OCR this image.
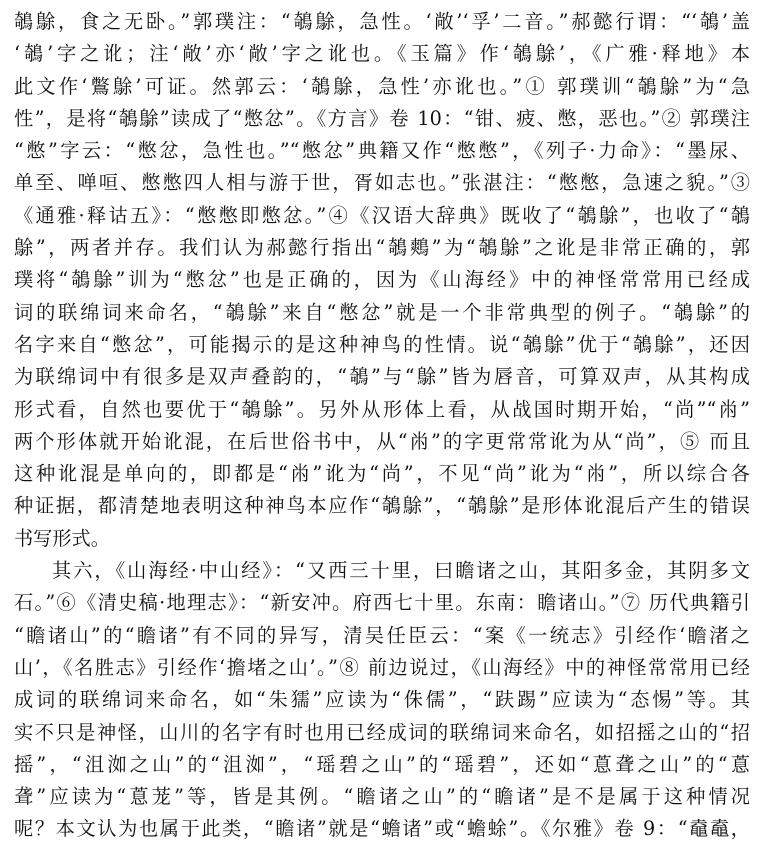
鵸鵌，食之无卧。”郭璞注：“鵸鵌，急性。‘敞’‘孚’二音。”郝懿行谓：“‘鵸’盖
‘鵸’字之讹；注‘敞’亦‘敞’字之讹也。《玉篇》作‘鵸鵌’，《广雅·释地》本
此文作‘鷩鵌’可证。然郭云：‘鵸鵌，急性’亦讹也。”① 郭璞训“鵸鵌”为“急
性”，是将“鵸鵌”读成了“憋忿”。《方言》卷 10：“钳、疲、憋，恶也。”② 郭璞注
“憋”字云：“憋忿，急性也。”“憋忿”典籍又作“憋憋”，《列子·力命》：“墨尿、
单至、啴咺、憋憋四人相与游于世，胥如志也。”张湛注：“憋憋，急速之貌。”③
《通雅·释诂五》：“憋憋即憋忿。”④《汉语大辞典》既收了“鵸鵌”，也收了“鵸
鵌”，两者并存。我们认为郝懿行指出“鵸鷞”为“鵸鵌”之讹是非常正确的，郭
璞将“鵸鵌”训为“憋忿”也是正确的，因为《山海经》中的神怪常常用已经成
词的联绵词来命名，“鵸鵌”来自“憋忿”就是一个非常典型的例子。“鵸鵌”的
名字来自“憋忿”，可能揭示的是这种神鸟的性情。说“鵸鵌”优于“鵸鵌”，还因
为联绵词中有很多是双声叠韵的，“鵸”与“鵌”皆为唇音，可算双声，从其构成
形式看，自然也要优于“鵸鵌”。另外从形体上看，从战国时期开始，“尚”“㡀”
两个形体就开始讹混，在后世俗书中，从“㡀”的字更常常讹为从“尚”，⑤ 而且
这种讹混是单向的，即都是“㡀”讹为“尚”，不见“尚”讹为“㡀”，所以综合各
种证据，都清楚地表明这种神鸟本应作“鵸鵌”，“鵸鵌”是形体讹混后产生的错误
书写形式。
其六，《山海经·中山经》：“又西三十里，曰瞻诸之山，其阳多金，其阴多文
石。”⑥《清史稿·地理志》：“新安冲。府西七十里。东南：瞻诸山。”⑦ 历代典籍引
“瞻诸山”的“瞻诸”有不同的异写，清吴任臣云：“案《一统志》引经作‘瞻渚之
山’，《名胜志》引经作‘擔堵之山’。”⑧ 前边说过，《山海经》中的神怪常常用已经
成词的联绵词来命名，如“朱獳”应读为“侏儒”，“趺踢”应读为“态惕”等。其
实不只是神怪，山川的名字有时也用已经成词的联绵词来命名，如招摇之山的“招
摇”，“沮洳之山”的“沮洳”，“瑶碧之山”的“瑶碧”，还如“蒠聋之山”的“蒠
聋”应读为“蒠茏”等，皆是其例。“瞻诸之山”的“瞻诸”是不是属于这种情况
呢？本文认为也属于此类，“瞻诸”就是“蟾诸”或“蟾蜍”。《尔雅》卷 9：“鼀鼁，
